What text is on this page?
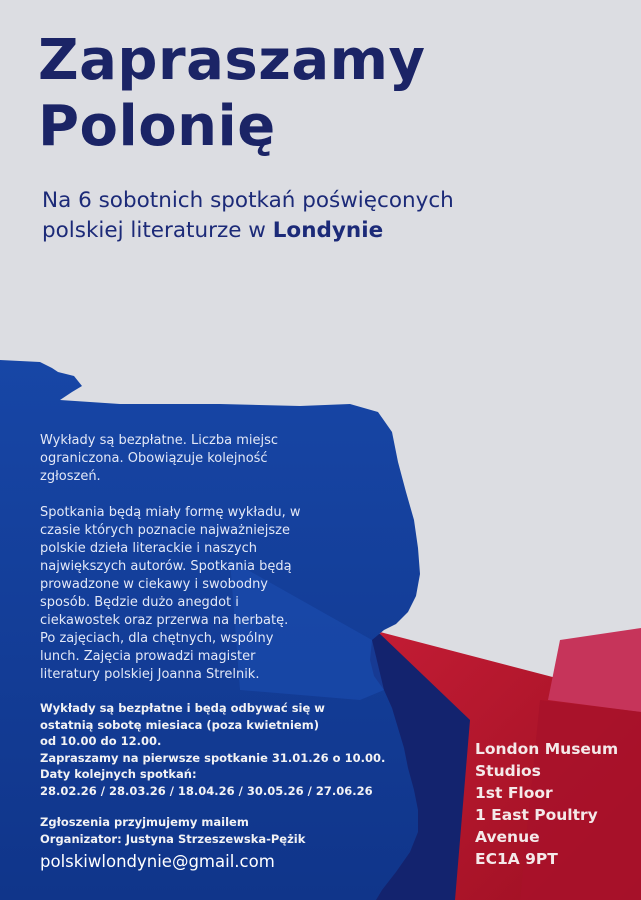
Zapraszamy
Polonię
Na 6 sobotnich spotkań poświęconych
polskiej literaturze w Londynie
Wykłady są bezpłatne. Liczba miejsc
ograniczona. Obowiązuje kolejność
zgłoszeń.
Spotkania będą miały formę wykładu, w
czasie których poznacie najważniejsze
polskie dzieła literackie i naszych
największych autorów. Spotkania będą
prowadzone w ciekawy i swobodny
sposób. Będzie dużo anegdot i
ciekawostek oraz przerwa na herbatę.
Po zajęciach, dla chętnych, wspólny
lunch. Zajęcia prowadzi magister
literatury polskiej Joanna Strelnik.
Wykłady są bezpłatne i będą odbywać się w
ostatnią sobotę miesiaca (poza kwietniem)
od 10.00 do 12.00.
Zapraszamy na pierwsze spotkanie 31.01.26 o 10.00.
Daty kolejnych spotkań:
28.02.26 / 28.03.26 / 18.04.26 / 30.05.26 / 27.06.26
Zgłoszenia przyjmujemy mailem
Organizator: Justyna Strzeszewska-Pężik
polskiwlondynie@gmail.com
London Museum
Studios
1st Floor
1 East Poultry
Avenue
EC1A 9PT
